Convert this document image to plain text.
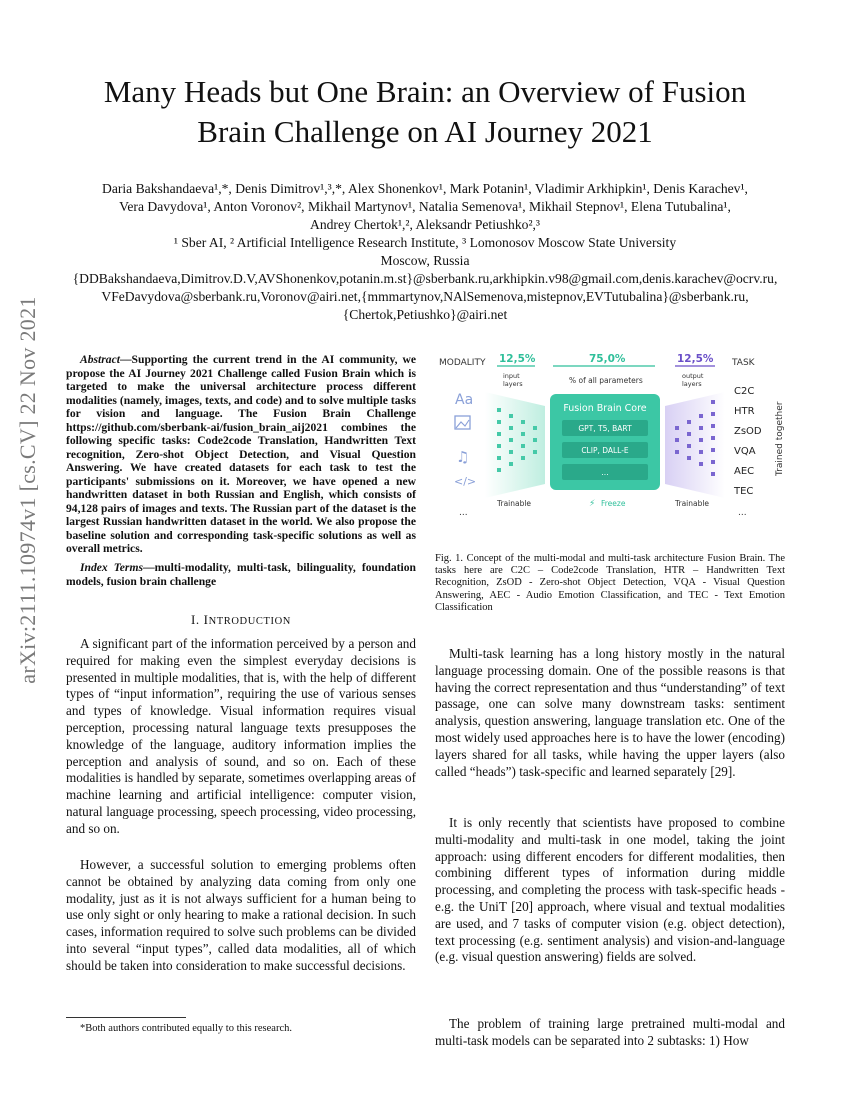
arXiv:2111.10974v1 [cs.CV] 22 Nov 2021
Many Heads but One Brain: an Overview of Fusion
Brain Challenge on AI Journey 2021
Daria Bakshandaeva¹,*, Denis Dimitrov¹,³,*, Alex Shonenkov¹, Mark Potanin¹, Vladimir Arkhipkin¹, Denis Karachev¹,
Vera Davydova¹, Anton Voronov², Mikhail Martynov¹, Natalia Semenova¹, Mikhail Stepnov¹, Elena Tutubalina¹,
Andrey Chertok¹,², Aleksandr Petiushko²,³
¹ Sber AI, ² Artificial Intelligence Research Institute, ³ Lomonosov Moscow State University
Moscow, Russia
{DDBakshandaeva,Dimitrov.D.V,AVShonenkov,potanin.m.st}@sberbank.ru,arkhipkin.v98@gmail.com,denis.karachev@ocrv.ru,
VFeDavydova@sberbank.ru,Voronov@airi.net,{mmmartynov,NAlSemenova,mistepnov,EVTutubalina}@sberbank.ru,
{Chertok,Petiushko}@airi.net
Abstract—Supporting the current trend in the AI community, we propose the AI Journey 2021 Challenge called Fusion Brain which is targeted to make the universal architecture process different modalities (namely, images, texts, and code) and to solve multiple tasks for vision and language. The Fusion Brain Challenge https://github.com/sberbank-ai/fusion_brain_aij2021 combines the following specific tasks: Code2code Translation, Handwritten Text recognition, Zero-shot Object Detection, and Visual Question Answering. We have created datasets for each task to test the participants' submissions on it. Moreover, we have opened a new handwritten dataset in both Russian and English, which consists of 94,128 pairs of images and texts. The Russian part of the dataset is the largest Russian handwritten dataset in the world. We also propose the baseline solution and corresponding task-specific solutions as well as overall metrics.
Index Terms—multi-modality, multi-task, bilinguality, foundation models, fusion brain challenge
I. INTRODUCTION
A significant part of the information perceived by a person and required for making even the simplest everyday decisions is presented in multiple modalities, that is, with the help of different types of “input information”, requiring the use of various senses and types of knowledge. Visual information requires visual perception, processing natural language texts presupposes the knowledge of the language, auditory information implies the perception and analysis of sound, and so on. Each of these modalities is handled by separate, sometimes overlapping areas of machine learning and artificial intelligence: computer vision, natural language processing, speech processing, video processing, and so on.
However, a successful solution to emerging problems often cannot be obtained by analyzing data coming from only one modality, just as it is not always sufficient for a human being to use only sight or only hearing to make a rational decision. In such cases, information required to solve such problems can be divided into several “input types”, called data modalities, all of which should be taken into consideration to make successful decisions.
*Both authors contributed equally to this research.
MODALITY	TASK
12,5%	75,0%	12,5%
input
layers	% of all parameters	output
layers
Aa
♫
</>
...
Fusion Brain Core
GPT, T5, BART
CLIP, DALL-E
...
C2C
HTR
ZsOD
VQA
AEC
TEC
...
Trained together
Trainable	Trainable
⚡ Freeze
Fig. 1. Concept of the multi-modal and multi-task architecture Fusion Brain. The tasks here are C2C – Code2code Translation, HTR – Handwritten Text Recognition, ZsOD - Zero-shot Object Detection, VQA - Visual Question Answering, AEC - Audio Emotion Classification, and TEC - Text Emotion Classification
Multi-task learning has a long history mostly in the natural language processing domain. One of the possible reasons is that having the correct representation and thus “understanding” of text passage, one can solve many downstream tasks: sentiment analysis, question answering, language translation etc. One of the most widely used approaches here is to have the lower (encoding) layers shared for all tasks, while having the upper layers (also called “heads”) task-specific and learned separately [29].
It is only recently that scientists have proposed to combine multi-modality and multi-task in one model, taking the joint approach: using different encoders for different modalities, then combining different types of information during middle processing, and completing the process with task-specific heads - e.g. the UniT [20] approach, where visual and textual modalities are used, and 7 tasks of computer vision (e.g. object detection), text processing (e.g. sentiment analysis) and vision-and-language (e.g. visual question answering) fields are solved.
The problem of training large pretrained multi-modal and multi-task models can be separated into 2 subtasks: 1) How
